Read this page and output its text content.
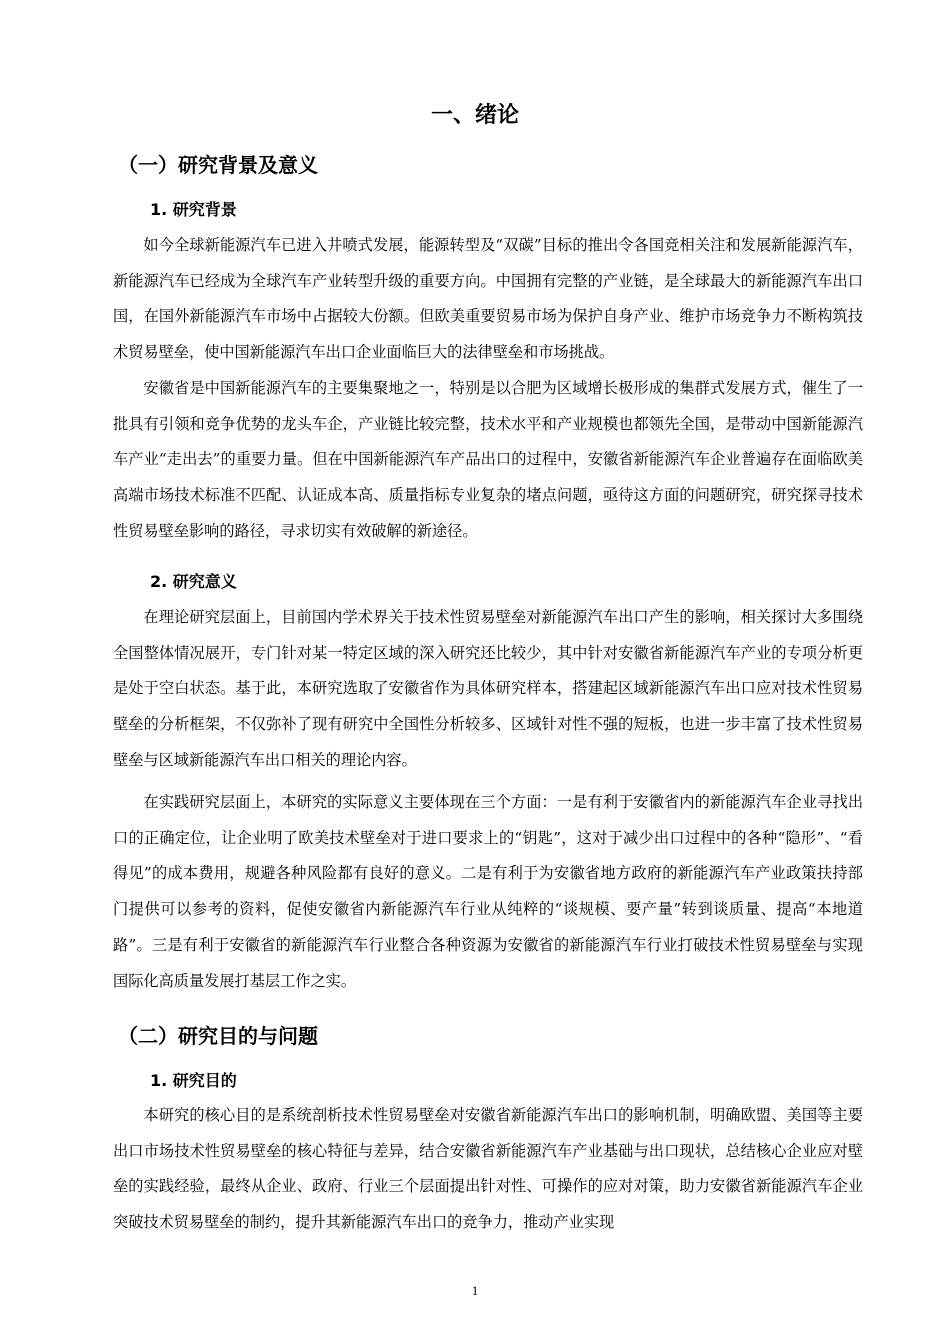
一、绪论
（一）研究背景及意义
1. 研究背景

如今全球新能源汽车已进入井喷式发展，能源转型及“双碳”目标的推出令各国竞相关注和发展新能源汽车，新能源汽车已经成为全球汽车产业转型升级的重要方向。中国拥有完整的产业链，是全球最大的新能源汽车出口国，在国外新能源汽车市场中占据较大份额。但欧美重要贸易市场为保护自身产业、维护市场竞争力不断构筑技术贸易壁垒，使中国新能源汽车出口企业面临巨大的法律壁垒和市场挑战。

安徽省是中国新能源汽车的主要集聚地之一，特别是以合肥为区域增长极形成的集群式发展方式，催生了一批具有引领和竞争优势的龙头车企，产业链比较完整，技术水平和产业规模也都领先全国，是带动中国新能源汽车产业“走出去”的重要力量。但在中国新能源汽车产品出口的过程中，安徽省新能源汽车企业普遍存在面临欧美高端市场技术标准不匹配、认证成本高、质量指标专业复杂的堵点问题，亟待这方面的问题研究，研究探寻技术性贸易壁垒影响的路径，寻求切实有效破解的新途径。

2. 研究意义

在理论研究层面上，目前国内学术界关于技术性贸易壁垒对新能源汽车出口产生的影响，相关探讨大多围绕全国整体情况展开，专门针对某一特定区域的深入研究还比较少，其中针对安徽省新能源汽车产业的专项分析更是处于空白状态。基于此，本研究选取了安徽省作为具体研究样本，搭建起区域新能源汽车出口应对技术性贸易壁垒的分析框架，不仅弥补了现有研究中全国性分析较多、区域针对性不强的短板，也进一步丰富了技术性贸易壁垒与区域新能源汽车出口相关的理论内容。

在实践研究层面上，本研究的实际意义主要体现在三个方面：一是有利于安徽省内的新能源汽车企业寻找出口的正确定位，让企业明了欧美技术壁垒对于进口要求上的“钥匙”，这对于减少出口过程中的各种“隐形”、“看得见”的成本费用，规避各种风险都有良好的意义。二是有利于为安徽省地方政府的新能源汽车产业政策扶持部门提供可以参考的资料，促使安徽省内新能源汽车行业从纯粹的“谈规模、要产量”转到谈质量、提高“本地道路”。三是有利于安徽省的新能源汽车行业整合各种资源为安徽省的新能源汽车行业打破技术性贸易壁垒与实现国际化高质量发展打基层工作之实。

（二）研究目的与问题
1. 研究目的

本研究的核心目的是系统剖析技术性贸易壁垒对安徽省新能源汽车出口的影响机制，明确欧盟、美国等主要出口市场技术性贸易壁垒的核心特征与差异，结合安徽省新能源汽车产业基础与出口现状，总结核心企业应对壁垒的实践经验，最终从企业、政府、行业三个层面提出针对性、可操作的应对对策，助力安徽省新能源汽车企业突破技术贸易壁垒的制约，提升其新能源汽车出口的竞争力，推动产业实现

1
